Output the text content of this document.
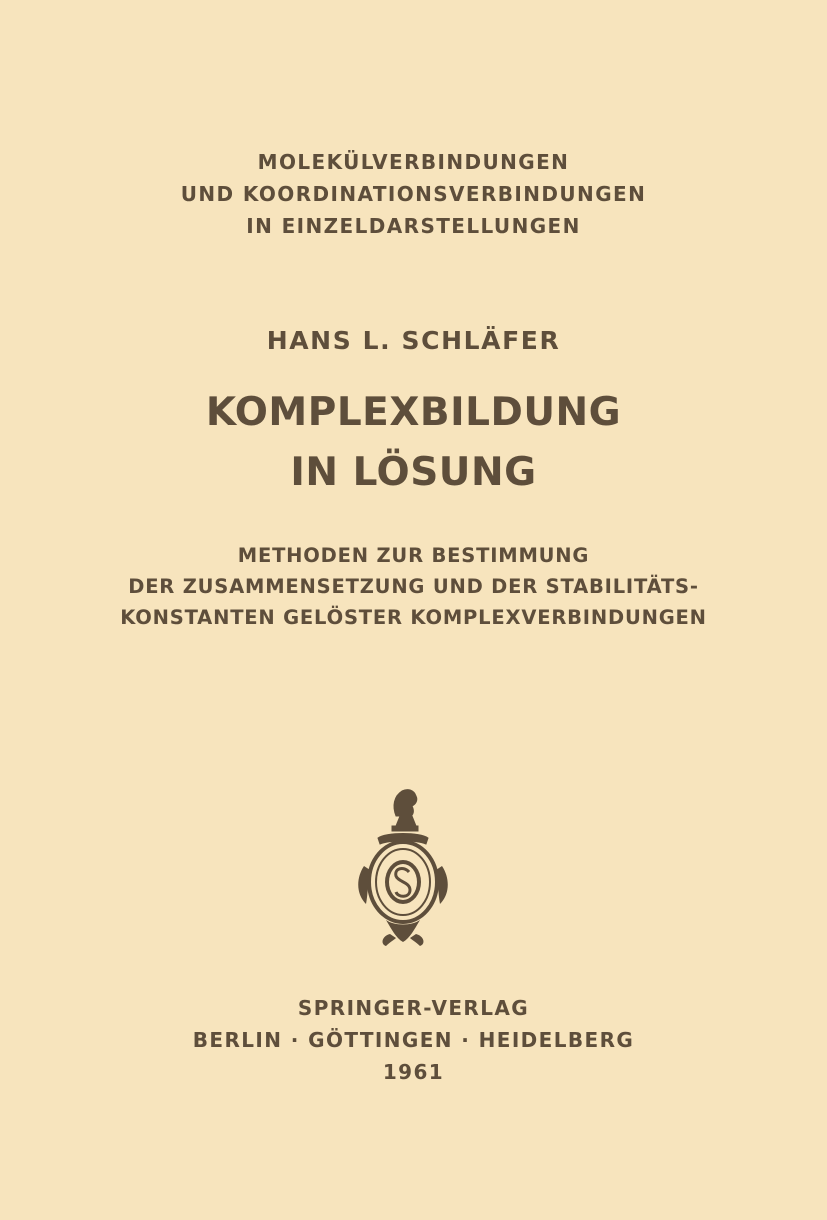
MOLEKÜLVERBINDUNGEN
UND KOORDINATIONSVERBINDUNGEN
IN EINZELDARSTELLUNGEN
HANS L. SCHLÄFER
KOMPLEXBILDUNG
IN LÖSUNG
METHODEN ZUR BESTIMMUNG
DER ZUSAMMENSETZUNG UND DER STABILITÄTS-
KONSTANTEN GELÖSTER KOMPLEXVERBINDUNGEN
SPRINGER-VERLAG
BERLIN · GÖTTINGEN · HEIDELBERG
1961
